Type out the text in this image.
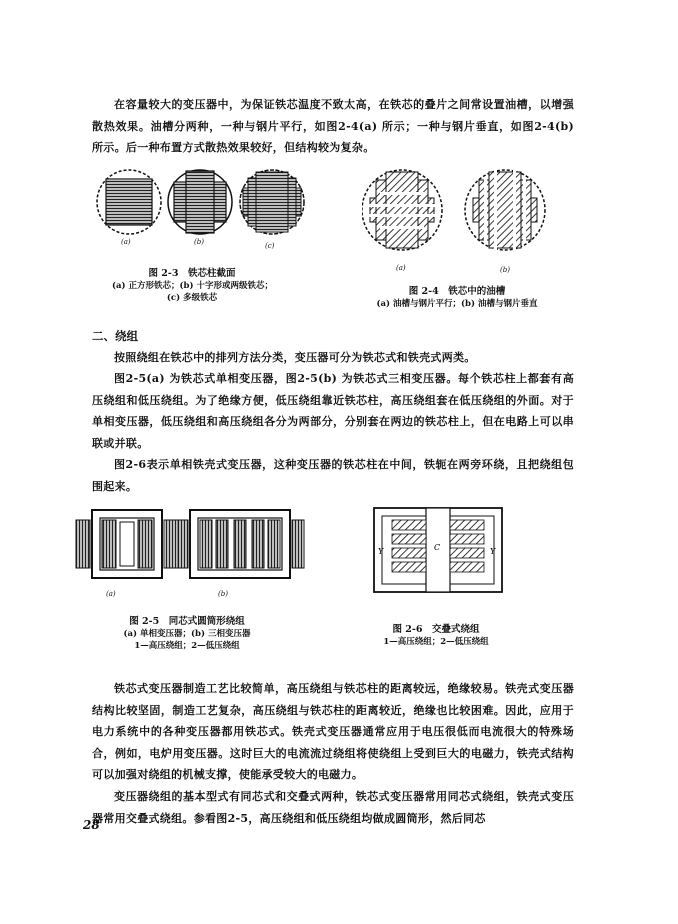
在容量较大的变压器中，为保证铁芯温度不致太高，在铁芯的叠片之间常设置油槽，以增强散热效果。油槽分两种，一种与钢片平行，如图2-4(a) 所示；一种与钢片垂直，如图2-4(b) 所示。后一种布置方式散热效果较好，但结构较为复杂。

(a)	(b)	(c)
图 2-3　铁芯柱截面
(a) 正方形铁芯；(b) 十字形或两级铁芯；
(c) 多级铁芯
(a)	(b)
图 2-4　铁芯中的油槽
(a) 油槽与钢片平行；(b) 油槽与钢片垂直
二、绕组

按照绕组在铁芯中的排列方法分类，变压器可分为铁芯式和铁壳式两类。

图2-5(a) 为铁芯式单相变压器，图2-5(b) 为铁芯式三相变压器。每个铁芯柱上都套有高压绕组和低压绕组。为了绝缘方便，低压绕组靠近铁芯柱，高压绕组套在低压绕组的外面。对于单相变压器，低压绕组和高压绕组各分为两部分，分别套在两边的铁芯柱上，但在电路上可以串联或并联。

图2-6表示单相铁壳式变压器，这种变压器的铁芯柱在中间，铁轭在两旁环绕，且把绕组包围起来。

(a)	(b)
图 2-5　同芯式圆筒形绕组
(a) 单相变压器；(b) 三相变压器
1—高压绕组；2—低压绕组
Y	C	Y
图 2-6　交叠式绕组
1—高压绕组；2—低压绕组

铁芯式变压器制造工艺比较简单，高压绕组与铁芯柱的距离较远，绝缘较易。铁壳式变压器结构比较坚固，制造工艺复杂，高压绕组与铁芯柱的距离较近，绝缘也比较困难。因此，应用于电力系统中的各种变压器都用铁芯式。铁壳式变压器通常应用于电压很低而电流很大的特殊场合，例如，电炉用变压器。这时巨大的电流流过绕组将使绕组上受到巨大的电磁力，铁壳式结构可以加强对绕组的机械支撑，使能承受较大的电磁力。

变压器绕组的基本型式有同芯式和交叠式两种，铁芯式变压器常用同芯式绕组，铁壳式变压器常用交叠式绕组。参看图2-5，高压绕组和低压绕组均做成圆筒形，然后同芯

28
